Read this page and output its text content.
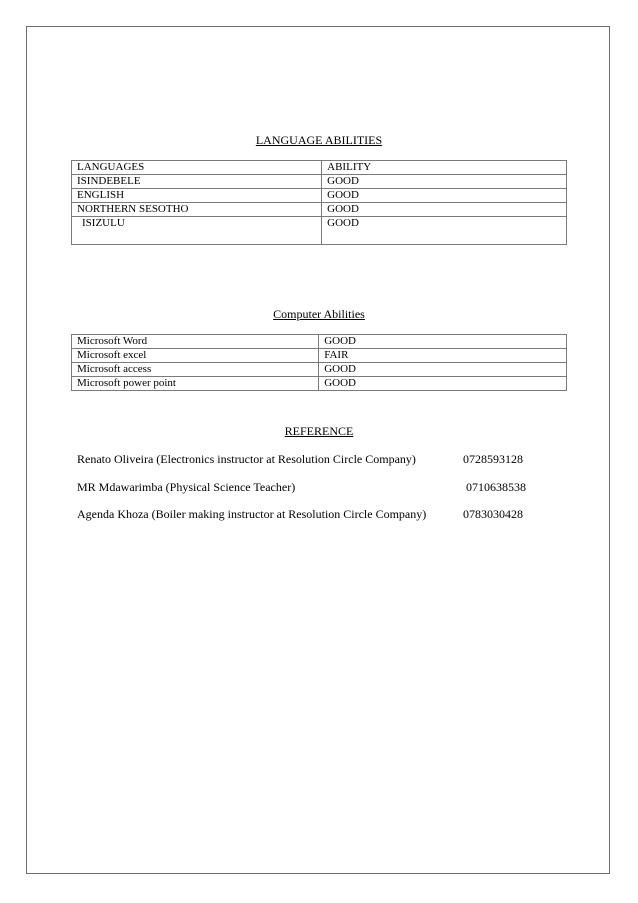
LANGUAGE ABILITIES
LANGUAGES	ABILITY
ISINDEBELE	GOOD
ENGLISH	GOOD
NORTHERN SESOTHO	GOOD
ISIZULU	GOOD
Computer Abilities
Microsoft Word	GOOD
Microsoft excel	FAIR
Microsoft access	GOOD
Microsoft power point	GOOD
REFERENCE
Renato Oliveira (Electronics instructor at Resolution Circle Company)	0728593128
MR Mdawarimba (Physical Science Teacher)	0710638538
Agenda Khoza (Boiler making instructor at Resolution Circle Company)	0783030428
